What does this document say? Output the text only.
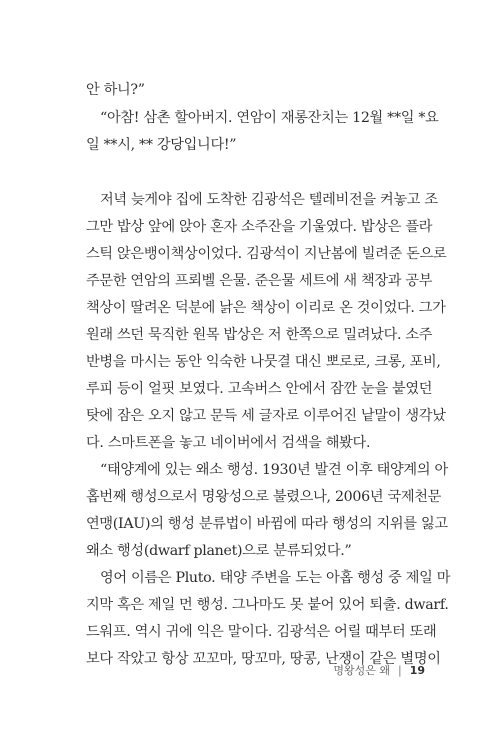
안 하니?”
“아참! 삼촌 할아버지. 연암이 재롱잔치는 12월 **일 *요
일 **시, ** 강당입니다!”
저녁 늦게야 집에 도착한 김광석은 텔레비전을 켜놓고 조
그만 밥상 앞에 앉아 혼자 소주잔을 기울였다. 밥상은 플라
스틱 앉은뱅이책상이었다. 김광석이 지난봄에 빌려준 돈으로
주문한 연암의 프뢰벨 은물. 준은물 세트에 새 책장과 공부
책상이 딸려온 덕분에 낡은 책상이 이리로 온 것이었다. 그가
원래 쓰던 묵직한 원목 밥상은 저 한쪽으로 밀려났다. 소주
반병을 마시는 동안 익숙한 나뭇결 대신 뽀로로, 크롱, 포비,
루피 등이 얼핏 보였다. 고속버스 안에서 잠깐 눈을 붙였던
탓에 잠은 오지 않고 문득 세 글자로 이루어진 낱말이 생각났
다. 스마트폰을 놓고 네이버에서 검색을 해봤다.
“태양계에 있는 왜소 행성. 1930년 발견 이후 태양계의 아
홉번째 행성으로서 명왕성으로 불렸으나, 2006년 국제천문
연맹(IAU)의 행성 분류법이 바뀜에 따라 행성의 지위를 잃고
왜소 행성(dwarf planet)으로 분류되었다.”
영어 이름은 Pluto. 태양 주변을 도는 아홉 행성 중 제일 마
지막 혹은 제일 먼 행성. 그나마도 못 붙어 있어 퇴출. dwarf.
드워프. 역시 귀에 익은 말이다. 김광석은 어릴 때부터 또래
보다 작았고 항상 꼬꼬마, 땅꼬마, 땅콩, 난쟁이 같은 별명이
명왕성은 왜 | 19
